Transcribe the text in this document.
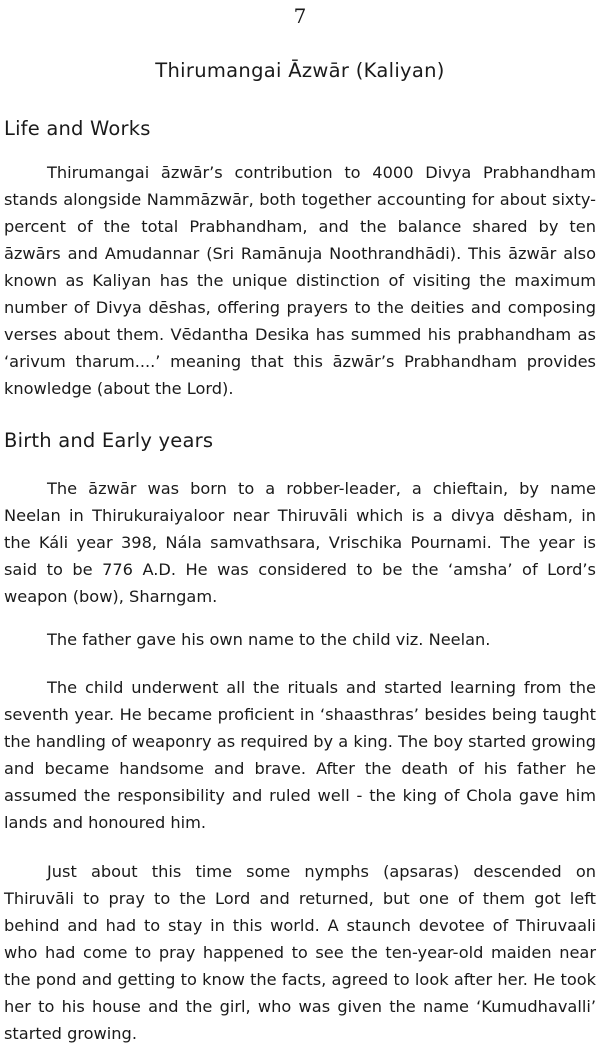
7
Thirumangai Āzwār (Kaliyan)
Life and Works

Thirumangai āzwār’s contribution to 4000 Divya Prabhandham stands alongside Nammāzwār, both together accounting for about sixty-percent of the total Prabhandham, and the balance shared by ten āzwārs and Amudannar (Sri Ramānuja Noothrandhādi). This āzwār also known as Kaliyan has the unique distinction of visiting the maximum number of Divya dēshas, offering prayers to the deities and composing verses about them. Vēdantha Desika has summed his prabhandham as ‘arivum tharum....’ meaning that this āzwār’s Prabhandham provides knowledge (about the Lord).

Birth and Early years

The āzwār was born to a robber-leader, a chieftain, by name Neelan in Thirukuraiyaloor near Thiruvāli which is a divya dēsham, in the Káli year 398, Nála samvathsara, Vrischika Pournami. The year is said to be 776 A.D. He was considered to be the ‘amsha’ of Lord’s weapon (bow), Sharngam.

The father gave his own name to the child viz. Neelan.

The child underwent all the rituals and started learning from the seventh year. He became proficient in ‘shaasthras’ besides being taught the handling of weaponry as required by a king. The boy started growing and became handsome and brave. After the death of his father he assumed the responsibility and ruled well - the king of Chola gave him lands and honoured him.

Just about this time some nymphs (apsaras) descended on Thiruvāli to pray to the Lord and returned, but one of them got left behind and had to stay in this world. A staunch devotee of Thiruvaali who had come to pray happened to see the ten-year-old maiden near the pond and getting to know the facts, agreed to look after her. He took her to his house and the girl, who was given the name ‘Kumudhavalli’ started growing.
